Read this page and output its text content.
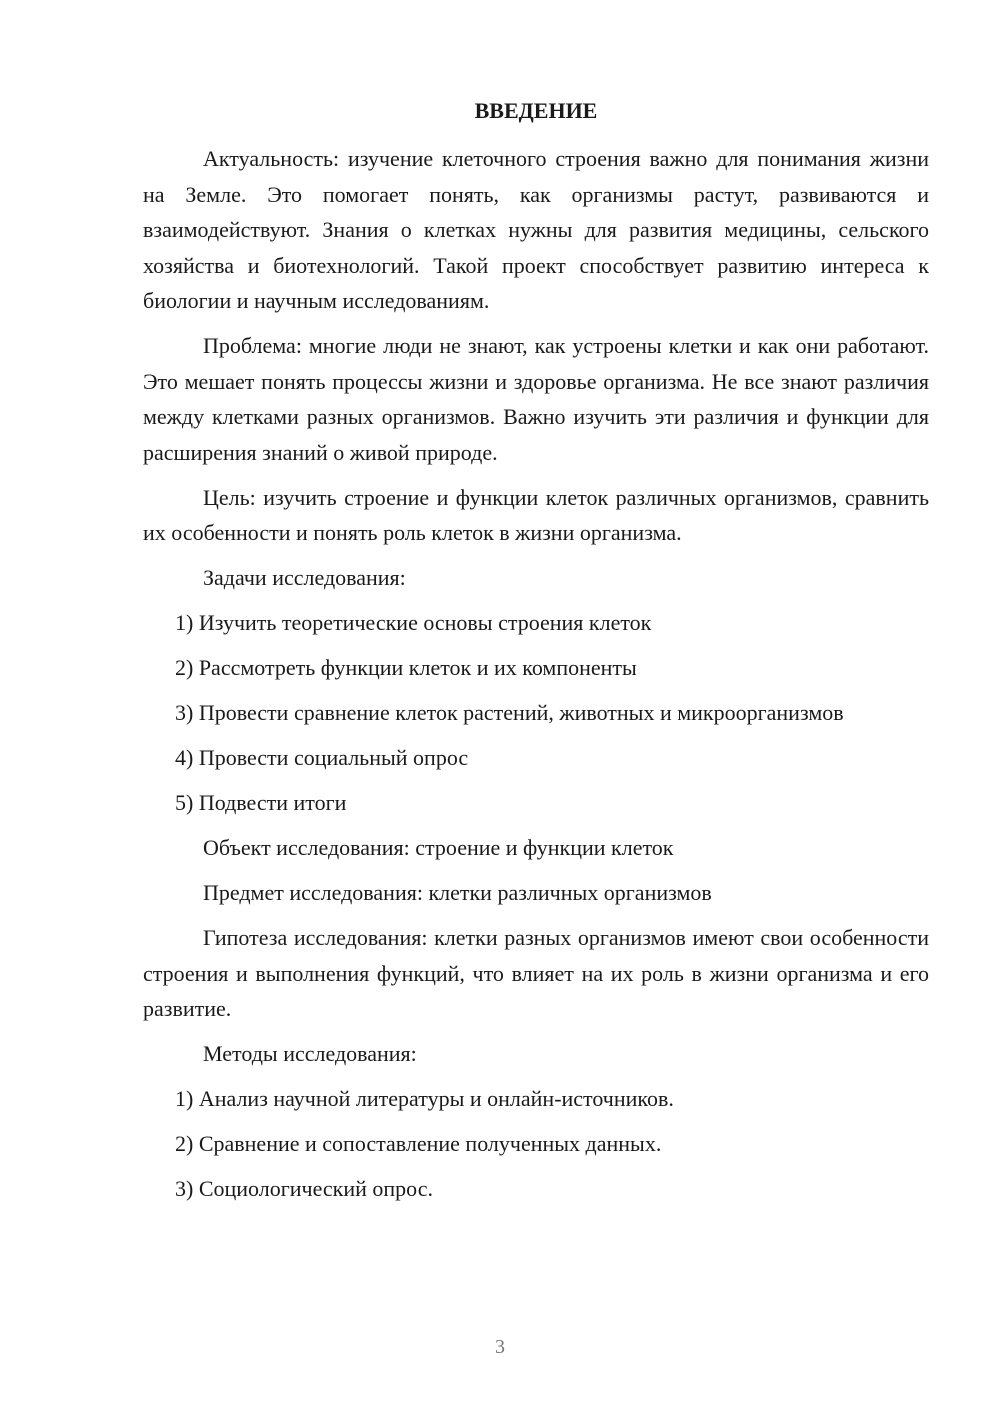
ВВЕДЕНИЕ

Актуальность: изучение клеточного строения важно для понимания жизни на Земле. Это помогает понять, как организмы растут, развиваются и взаимодействуют. Знания о клетках нужны для развития медицины, сельского хозяйства и биотехнологий. Такой проект способствует развитию интереса к биологии и научным исследованиям.

Проблема: многие люди не знают, как устроены клетки и как они работают. Это мешает понять процессы жизни и здоровье организма. Не все знают различия между клетками разных организмов. Важно изучить эти различия и функции для расширения знаний о живой природе.

Цель: изучить строение и функции клеток различных организмов, сравнить их особенности и понять роль клеток в жизни организма.

Задачи исследования:

1) Изучить теоретические основы строения клеток

2) Рассмотреть функции клеток и их компоненты

3) Провести сравнение клеток растений, животных и микроорганизмов

4) Провести социальный опрос

5) Подвести итоги

Объект исследования: строение и функции клеток

Предмет исследования: клетки различных организмов

Гипотеза исследования: клетки разных организмов имеют свои особенности строения и выполнения функций, что влияет на их роль в жизни организма и его развитие.

Методы исследования:

1) Анализ научной литературы и онлайн-источников.

2) Сравнение и сопоставление полученных данных.

3) Социологический опрос.

3
